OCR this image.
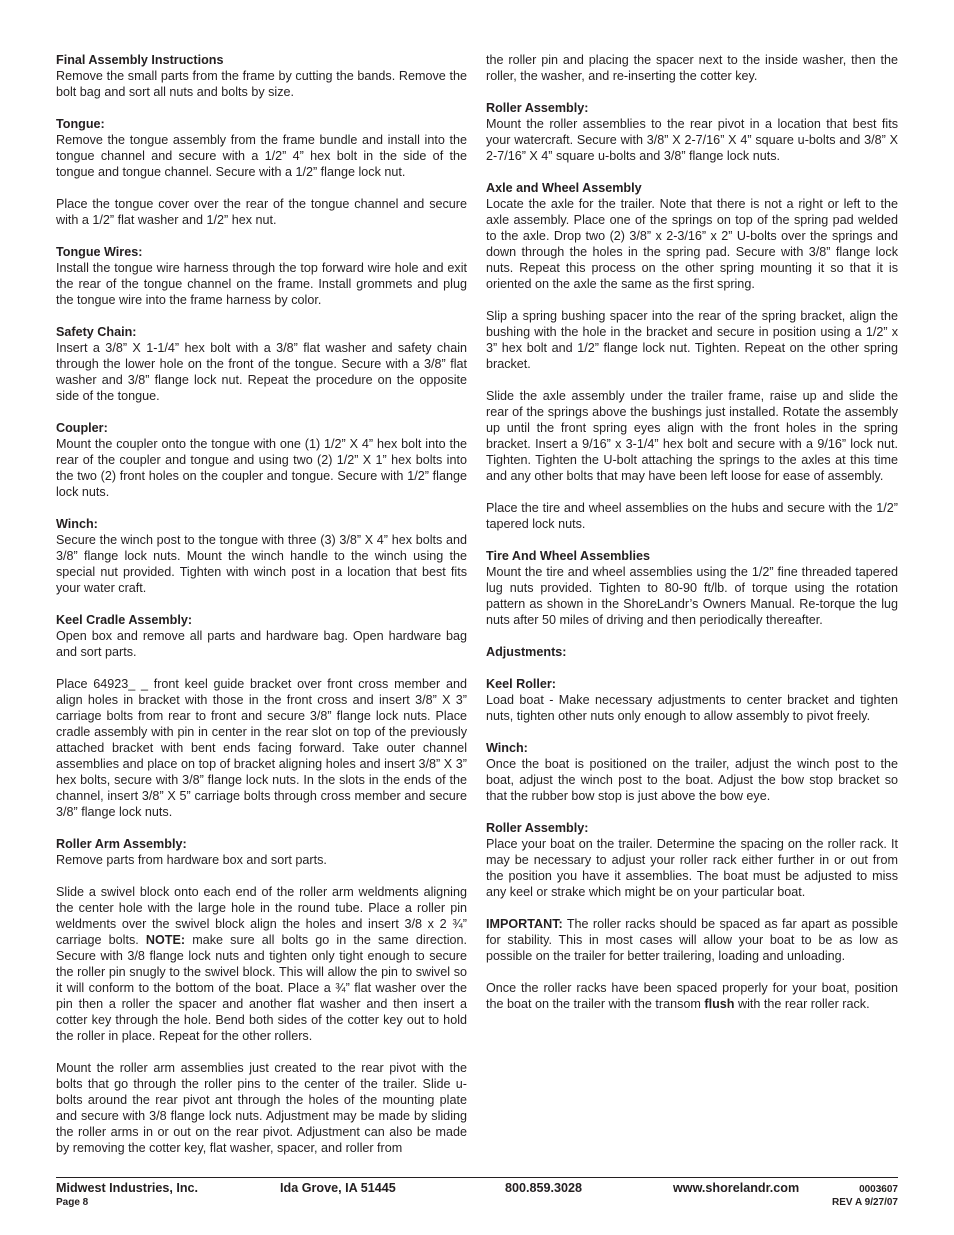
Final Assembly Instructions

Remove the small parts from the frame by cutting the bands. Remove the bolt bag and sort all nuts and bolts by size.

Tongue:

Remove the tongue assembly from the frame bundle and install into the tongue channel and secure with a 1/2” 4” hex bolt in the side of the tongue and tongue channel. Secure with a 1/2” flange lock nut.

Place the tongue cover over the rear of the tongue channel and secure with a 1/2” flat washer and 1/2” hex nut.

Tongue Wires:

Install the tongue wire harness through the top forward wire hole and exit the rear of the tongue channel on the frame. Install grommets and plug the tongue wire into the frame harness by color.

Safety Chain:

Insert a 3/8” X 1-1/4” hex bolt with a 3/8” flat washer and safety chain through the lower hole on the front of the tongue. Secure with a 3/8” flat washer and 3/8” flange lock nut. Repeat the procedure on the opposite side of the tongue.

Coupler:

Mount the coupler onto the tongue with one (1) 1/2” X 4” hex bolt into the rear of the coupler and tongue and using two (2) 1/2” X 1” hex bolts into the two (2) front holes on the coupler and tongue. Secure with 1/2” flange lock nuts.

Winch:

Secure the winch post to the tongue with three (3) 3/8” X 4” hex bolts and 3/8” flange lock nuts. Mount the winch handle to the winch using the special nut provided. Tighten with winch post in a location that best fits your water craft.

Keel Cradle Assembly:

Open box and remove all parts and hardware bag. Open hardware bag and sort parts.

Place 64923_ _ front keel guide bracket over front cross member and align holes in bracket with those in the front cross and insert 3/8” X 3” carriage bolts from rear to front and secure 3/8” flange lock nuts. Place cradle assembly with pin in center in the rear slot on top of the previously attached bracket with bent ends facing forward. Take outer channel assemblies and place on top of bracket aligning holes and insert 3/8” X 3” hex bolts, secure with 3/8” flange lock nuts. In the slots in the ends of the channel, insert 3/8” X 5” carriage bolts through cross member and secure 3/8” flange lock nuts.

Roller Arm Assembly:

Remove parts from hardware box and sort parts.

Slide a swivel block onto each end of the roller arm weldments aligning the center hole with the large hole in the round tube. Place a roller pin weldments over the swivel block align the holes and insert 3/8 x 2 ¾” carriage bolts. NOTE: make sure all bolts go in the same direction. Secure with 3/8 flange lock nuts and tighten only tight enough to secure the roller pin snugly to the swivel block. This will allow the pin to swivel so it will conform to the bottom of the boat. Place a ¾” flat washer over the pin then a roller the spacer and another flat washer and then insert a cotter key through the hole. Bend both sides of the cotter key out to hold the roller in place. Repeat for the other rollers.

Mount the roller arm assemblies just created to the rear pivot with the bolts that go through the roller pins to the center of the trailer. Slide u-bolts around the rear pivot ant through the holes of the mounting plate and secure with 3/8 flange lock nuts. Adjustment may be made by sliding the roller arms in or out on the rear pivot. Adjustment can also be made by removing the cotter key, flat washer, spacer, and roller from

the roller pin and placing the spacer next to the inside washer, then the roller, the washer, and re-inserting the cotter key.

Roller Assembly:

Mount the roller assemblies to the rear pivot in a location that best fits your watercraft. Secure with 3/8” X 2-7/16” X 4” square u-bolts and 3/8” X 2-7/16” X 4” square u-bolts and 3/8” flange lock nuts.

Axle and Wheel Assembly

Locate the axle for the trailer. Note that there is not a right or left to the axle assembly. Place one of the springs on top of the spring pad welded to the axle. Drop two (2) 3/8” x 2-3/16” x 2” U-bolts over the springs and down through the holes in the spring pad. Secure with 3/8” flange lock nuts. Repeat this process on the other spring mounting it so that it is oriented on the axle the same as the first spring.

Slip a spring bushing spacer into the rear of the spring bracket, align the bushing with the hole in the bracket and secure in position using a 1/2” x 3” hex bolt and 1/2” flange lock nut. Tighten. Repeat on the other spring bracket.

Slide the axle assembly under the trailer frame, raise up and slide the rear of the springs above the bushings just installed. Rotate the assembly up until the front spring eyes align with the front holes in the spring bracket. Insert a 9/16” x 3-1/4” hex bolt and secure with a 9/16” lock nut. Tighten. Tighten the U-bolt attaching the springs to the axles at this time and any other bolts that may have been left loose for ease of assembly.

Place the tire and wheel assemblies on the hubs and secure with the 1/2” tapered lock nuts.

Tire And Wheel Assemblies

Mount the tire and wheel assemblies using the 1/2” fine threaded tapered lug nuts provided. Tighten to 80-90 ft/lb. of torque using the rotation pattern as shown in the ShoreLandr’s Owners Manual. Re-torque the lug nuts after 50 miles of driving and then periodically thereafter.

Adjustments:
Keel Roller:

Load boat - Make necessary adjustments to center bracket and tighten nuts, tighten other nuts only enough to allow assembly to pivot freely.

Winch:

Once the boat is positioned on the trailer, adjust the winch post to the boat, adjust the winch post to the boat. Adjust the bow stop bracket so that the rubber bow stop is just above the bow eye.

Roller Assembly:

Place your boat on the trailer. Determine the spacing on the roller rack. It may be necessary to adjust your roller rack either further in or out from the position you have it assemblies. The boat must be adjusted to miss any keel or strake which might be on your particular boat.

IMPORTANT: The roller racks should be spaced as far apart as possible for stability. This in most cases will allow your boat to be as low as possible on the trailer for better trailering, loading and unloading.

Once the roller racks have been spaced properly for your boat, position the boat on the trailer with the transom flush with the rear roller rack.

Midwest Industries, Inc.
Page 8
Ida Grove, IA 51445	800.859.3028	www.shorelandr.com	0003607
REV A 9/27/07
